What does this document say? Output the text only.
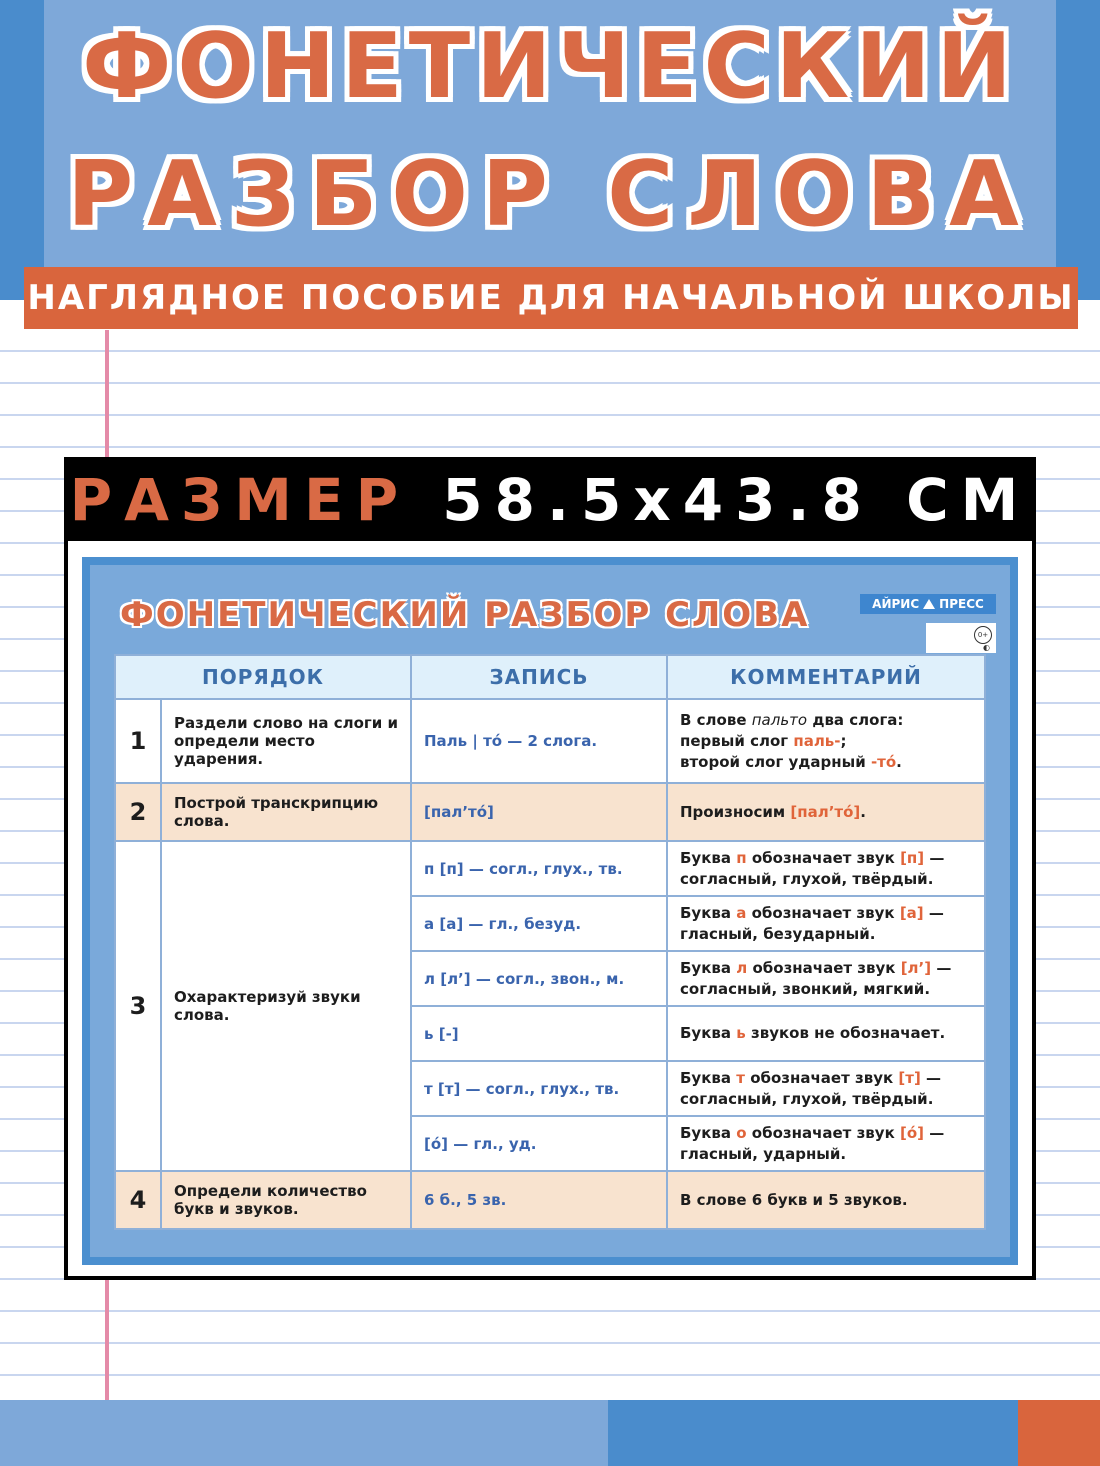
ФОНЕТИЧЕСКИЙ
РАЗБОР СЛОВА
НАГЛЯДНОЕ ПОСОБИЕ ДЛЯ НАЧАЛЬНОЙ ШКОЛЫ
РАЗМЕР 58.5x43.8 СМ
ФОНЕТИЧЕСКИЙ РАЗБОР СЛОВА	АЙРИС ПРЕСС
0+
◐
ПОРЯДОК		ЗАПИСЬ	КОММЕНТАРИЙ
1	Раздели слово на слоги и определи место ударения.	Паль | то́ — 2 слога.	В слове пальто два слога:
первый слог паль-;
второй слог ударный -то́.
2	Построй транскрипцию слова.	[пал’то́]	Произносим [пал’то́].
3	Охарактеризуй звуки слова.	п [п] — согл., глух., тв.	Буква п обозначает звук [п] —
согласный, глухой, твёрдый.
		а [а] — гл., безуд.	Буква а обозначает звук [а] —
гласный, безударный.
		л [л’] — согл., звон., м.	Буква л обозначает звук [л’] —
согласный, звонкий, мягкий.
		ь [-]	Буква ь звуков не обозначает.
		т [т] — согл., глух., тв.	Буква т обозначает звук [т] —
согласный, глухой, твёрдый.
		[о́] — гл., уд.	Буква о обозначает звук [о́] —
гласный, ударный.
4	Определи количество букв и звуков.	6 б., 5 зв.	В слове 6 букв и 5 звуков.
